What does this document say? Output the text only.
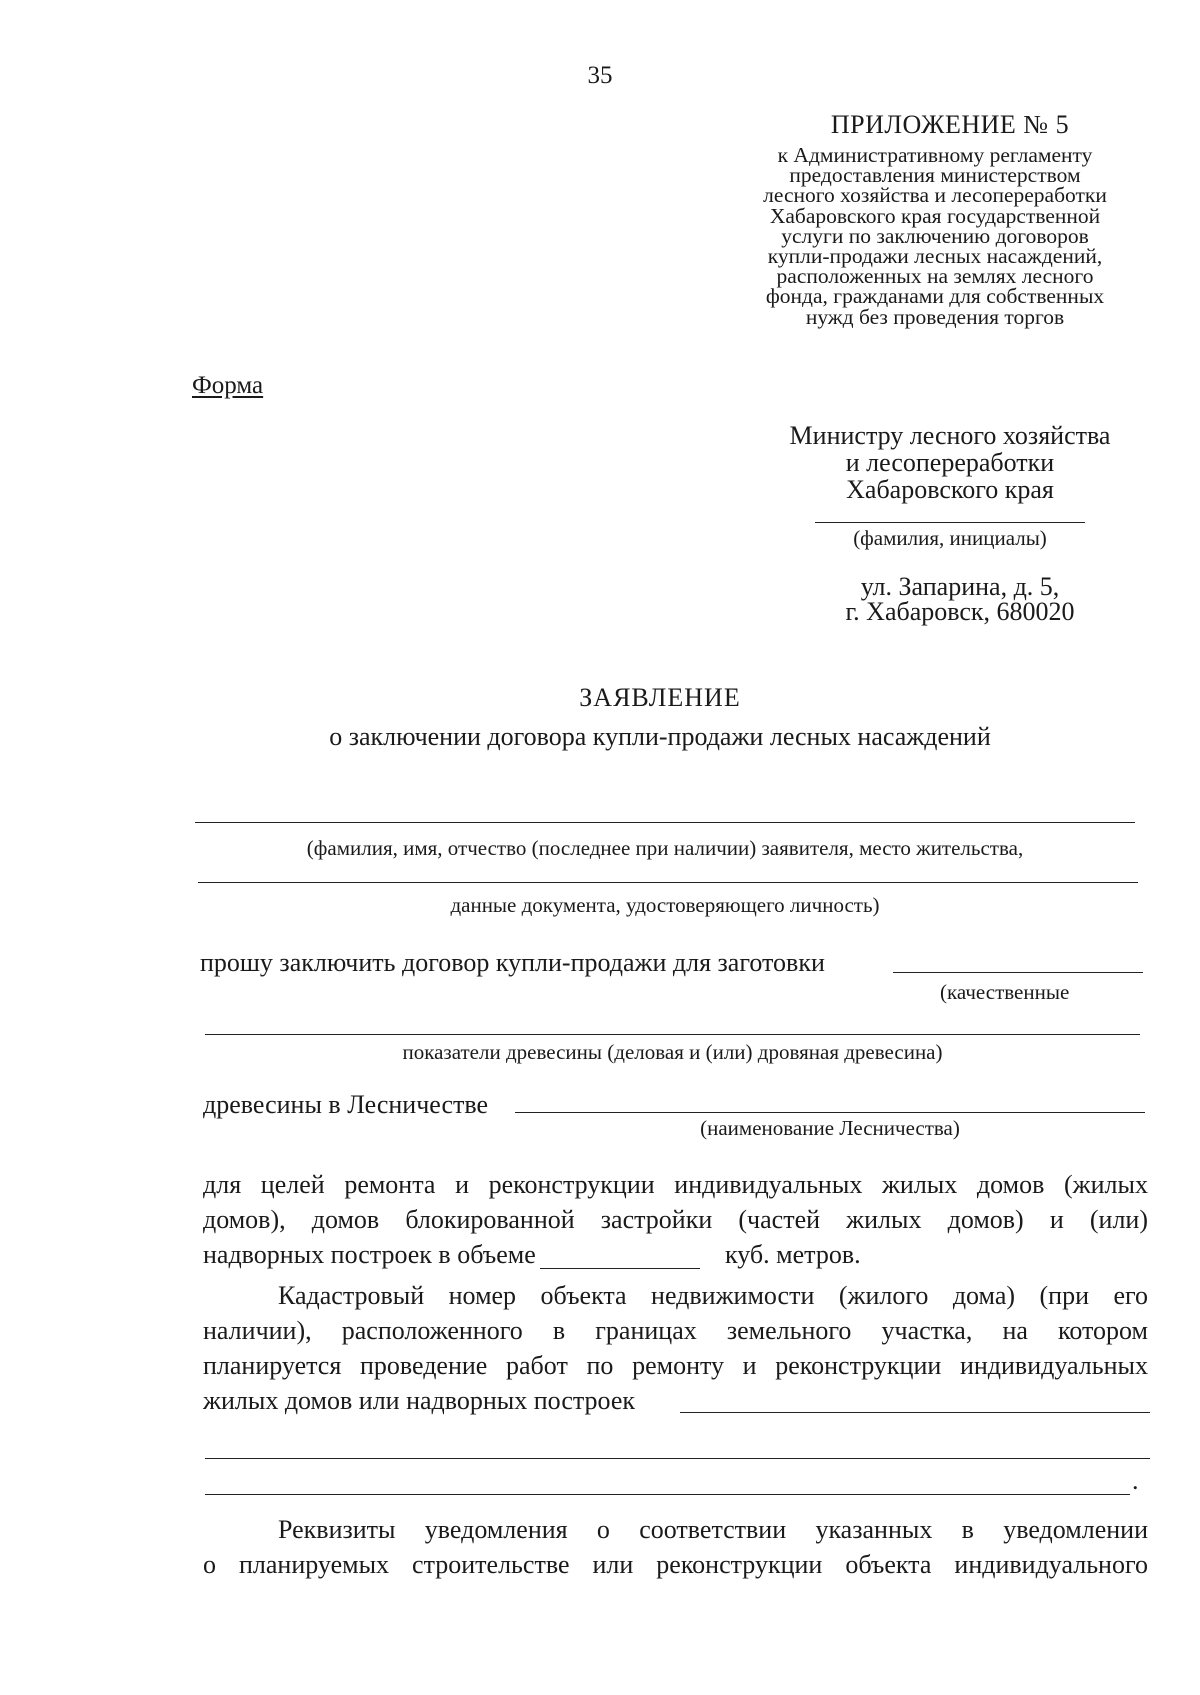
35
ПРИЛОЖЕНИЕ № 5
к Административному регламенту
предоставления министерством
лесного хозяйства и лесопереработки
Хабаровского края государственной
услуги по заключению договоров
купли-продажи лесных насаждений,
расположенных на землях лесного
фонда, гражданами для собственных
нужд без проведения торгов
Форма
Министру лесного хозяйства
и лесопереработки
Хабаровского края
(фамилия, инициалы)
ул. Запарина, д. 5,
г. Хабаровск, 680020
ЗАЯВЛЕНИЕ
о заключении договора купли-продажи лесных насаждений
(фамилия, имя, отчество (последнее при наличии) заявителя, место жительства,
данные документа, удостоверяющего личность)
прошу заключить договор купли-продажи для заготовки
(качественные
показатели древесины (деловая и (или) дровяная древесина)
древесины в Лесничестве
(наименование Лесничества)
для целей ремонта и реконструкции индивидуальных жилых домов (жилых
домов), домов блокированной застройки (частей жилых домов) и (или)
надворных построек в объеме	куб. метров.
Кадастровый номер объекта недвижимости (жилого дома) (при его
наличии), расположенного в границах земельного участка, на котором
планируется проведение работ по ремонту и реконструкции индивидуальных
жилых домов или надворных построек
.
Реквизиты уведомления о соответствии указанных в уведомлении
о планируемых строительстве или реконструкции объекта индивидуального
